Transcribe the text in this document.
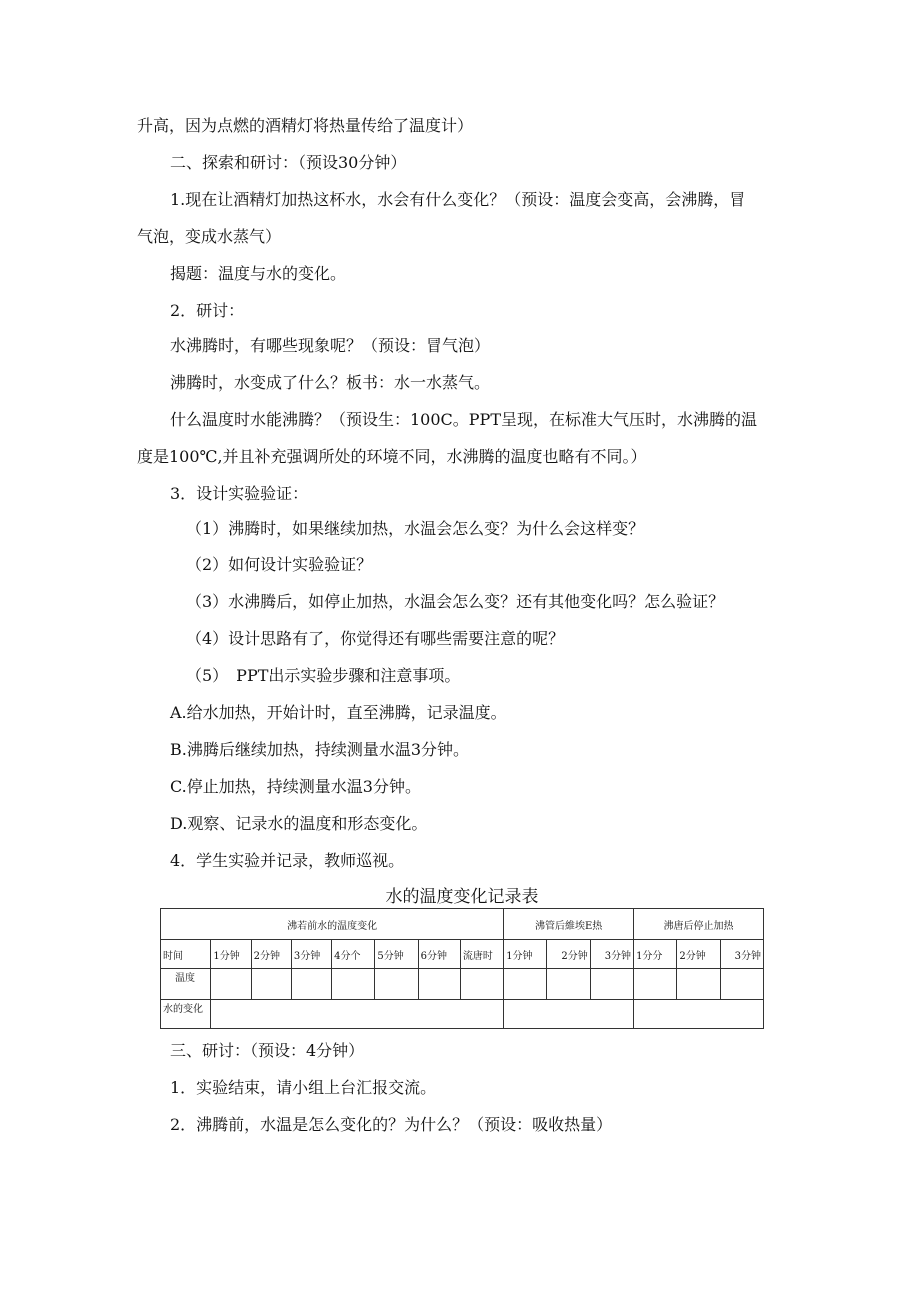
升高，因为点燃的酒精灯将热量传给了温度计）
二、探索和研讨：（预设30分钟）
1.现在让酒精灯加热这杯水，水会有什么变化？（预设：温度会变高，会沸腾，冒
气泡，变成水蒸气）
揭题：温度与水的变化。
2．研讨：
水沸腾时，有哪些现象呢？（预设：冒气泡）
沸腾时，水变成了什么？板书：水一水蒸气。
什么温度时水能沸腾？（预设生：100C。PPT呈现，在标准大气压时，水沸腾的温
度是100℃,并且补充强调所处的环境不同，水沸腾的温度也略有不同。）
3．设计实验验证：
（1）沸腾时，如果继续加热，水温会怎么变？为什么会这样变？
（2）如何设计实验验证？
（3）水沸腾后，如停止加热，水温会怎么变？还有其他变化吗？怎么验证？
（4）设计思路有了，你觉得还有哪些需要注意的呢？
（5）　PPT出示实验步骤和注意事项。
A.给水加热，开始计时，直至沸腾，记录温度。
B.沸腾后继续加热，持续测量水温3分钟。
C.停止加热，持续测量水温3分钟。
D.观察、记录水的温度和形态变化。
4．学生实验并记录，教师巡视。
水的温度变化记录表
沸若前水的温度变化								沸管后維埃E热			沸唐后停止加热		
时间	1分钟	2分钟	3分钟	4分个	5分钟	6分钟	流唐时	1分钟	2分钟	3分钟	1分分	2分钟	3分钟
温度													
水的变化													
三、研讨：（预设：4分钟）
1．实验结束，请小组上台汇报交流。
2．沸腾前，水温是怎么变化的？为什么？（预设：吸收热量）
